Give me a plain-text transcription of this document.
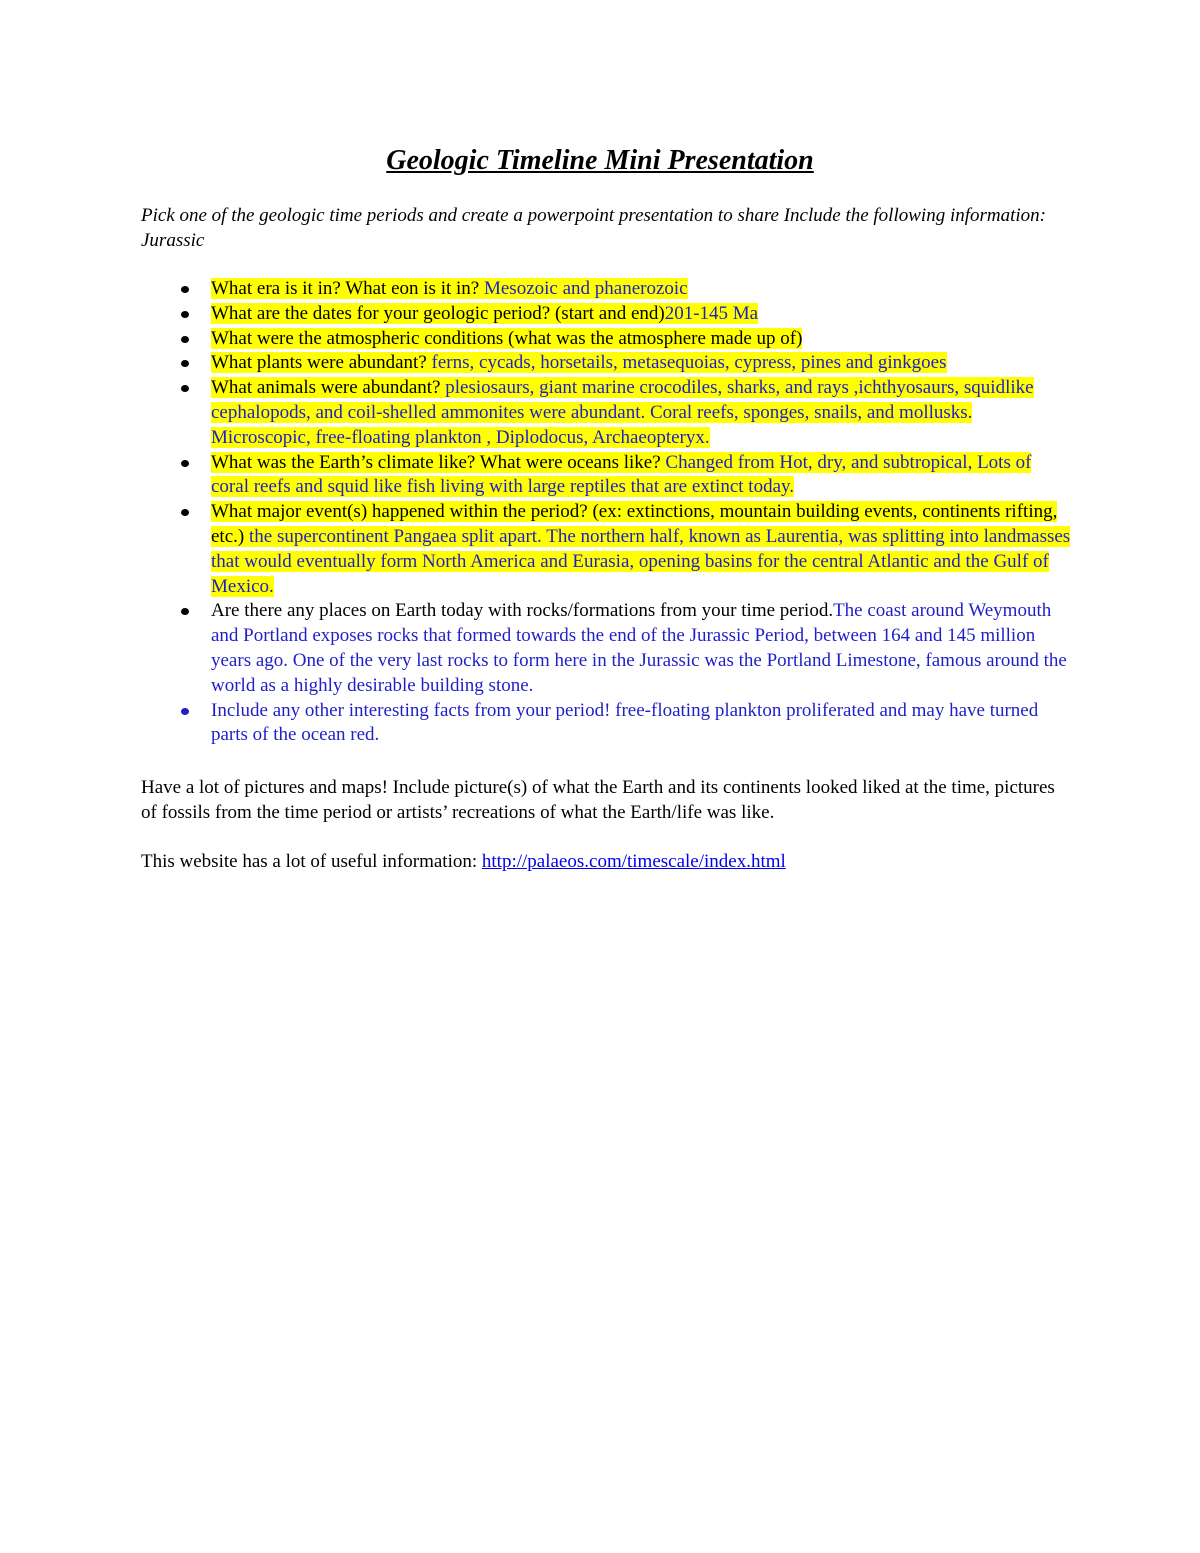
Geologic Timeline Mini Presentation
Pick one of the geologic time periods and create a powerpoint presentation to share Include the following information: Jurassic
What era is it in? What eon is it in? Mesozoic and phanerozoic
What are the dates for your geologic period? (start and end)201-145 Ma
What were the atmospheric conditions (what was the atmosphere made up of)
What plants were abundant? ferns, cycads, horsetails, metasequoias, cypress, pines and ginkgoes
What animals were abundant? plesiosaurs, giant marine crocodiles, sharks, and rays ,ichthyosaurs, squidlike cephalopods, and coil-shelled ammonites were abundant. Coral reefs, sponges, snails, and mollusks. Microscopic, free-floating plankton , Diplodocus, Archaeopteryx.
What was the Earth’s climate like? What were oceans like? Changed from Hot, dry, and subtropical, Lots of coral reefs and squid like fish living with large reptiles that are extinct today.
What major event(s) happened within the period? (ex: extinctions, mountain building events, continents rifting, etc.) the supercontinent Pangaea split apart. The northern half, known as Laurentia, was splitting into landmasses that would eventually form North America and Eurasia, opening basins for the central Atlantic and the Gulf of Mexico.
Are there any places on Earth today with rocks/formations from your time period.The coast around Weymouth and Portland exposes rocks that formed towards the end of the Jurassic Period, between 164 and 145 million years ago. One of the very last rocks to form here in the Jurassic was the Portland Limestone, famous around the world as a highly desirable building stone.
Include any other interesting facts from your period! free-floating plankton proliferated and may have turned parts of the ocean red.

Have a lot of pictures and maps! Include picture(s) of what the Earth and its continents looked liked at the time, pictures of fossils from the time period or artists’ recreations of what the Earth/life was like.

This website has a lot of useful information: http://palaeos.com/timescale/index.html
